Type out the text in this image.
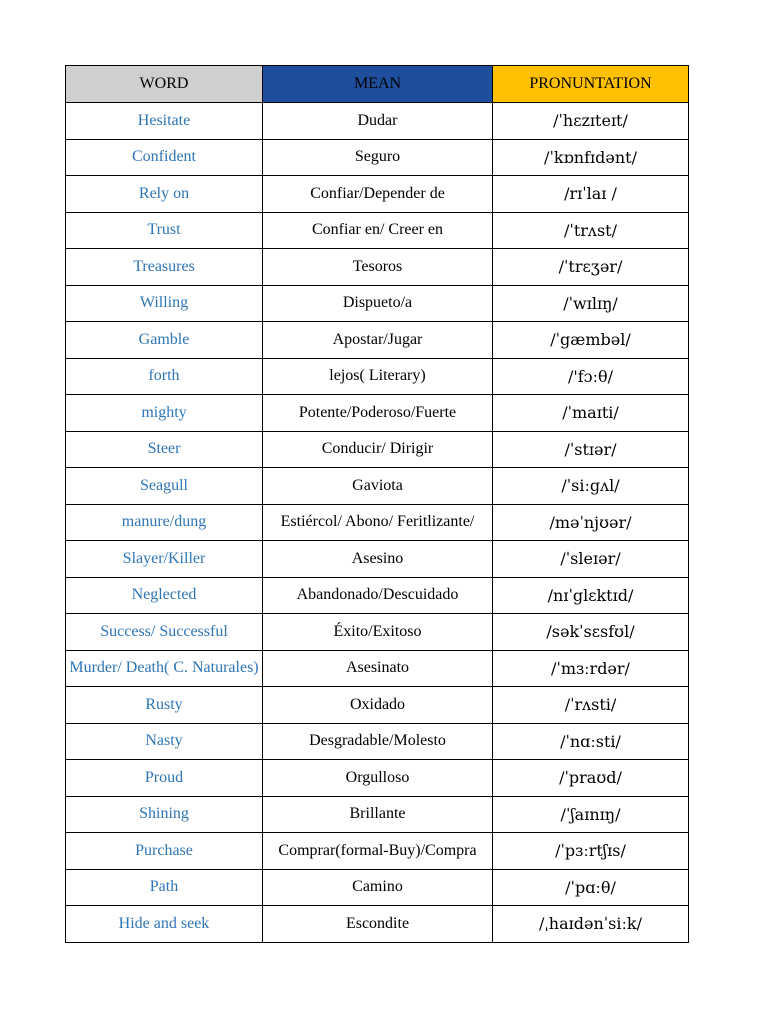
WORD	MEAN	PRONUNTATION
Hesitate	Dudar	/ˈhɛzɪteɪt/
Confident	Seguro	/ˈkɒnfɪdənt/
Rely on	Confiar/Depender de	/rɪˈlaɪ /
Trust	Confiar en/ Creer en	/ˈtrʌst/
Treasures	Tesoros	/ˈtrɛʒər/
Willing	Dispueto/a	/ˈwɪlɪŋ/
Gamble	Apostar/Jugar	/ˈgæmbəl/
forth	lejos( Literary)	/'fɔːθ/
mighty	Potente/Poderoso/Fuerte	/ˈmaɪti/
Steer	Conducir/ Dirigir	/ˈstɪər/
Seagull	Gaviota	/ˈsiːgʌl/
manure/dung	Estiércol/ Abono/ Feritlizante/	/məˈnjʊər/
Slayer/Killer	Asesino	/ˈsleɪər/
Neglected	Abandonado/Descuidado	/nɪˈglɛktɪd/
Success/ Successful	Éxito/Exitoso	/səkˈsɛsfʊl/
Murder/ Death( C. Naturales)	Asesinato	/ˈmɜːrdər/
Rusty	Oxidado	/ˈrʌsti/
Nasty	Desgradable/Molesto	/ˈnɑːsti/
Proud	Orgulloso	/ˈpraʊd/
Shining	Brillante	/ˈʃaɪnɪŋ/
Purchase	Comprar(formal-Buy)/Compra	/ˈpɜːrtʃɪs/
Path	Camino	/ˈpɑːθ/
Hide and seek	Escondite	/ˌhaɪdənˈsiːk/
